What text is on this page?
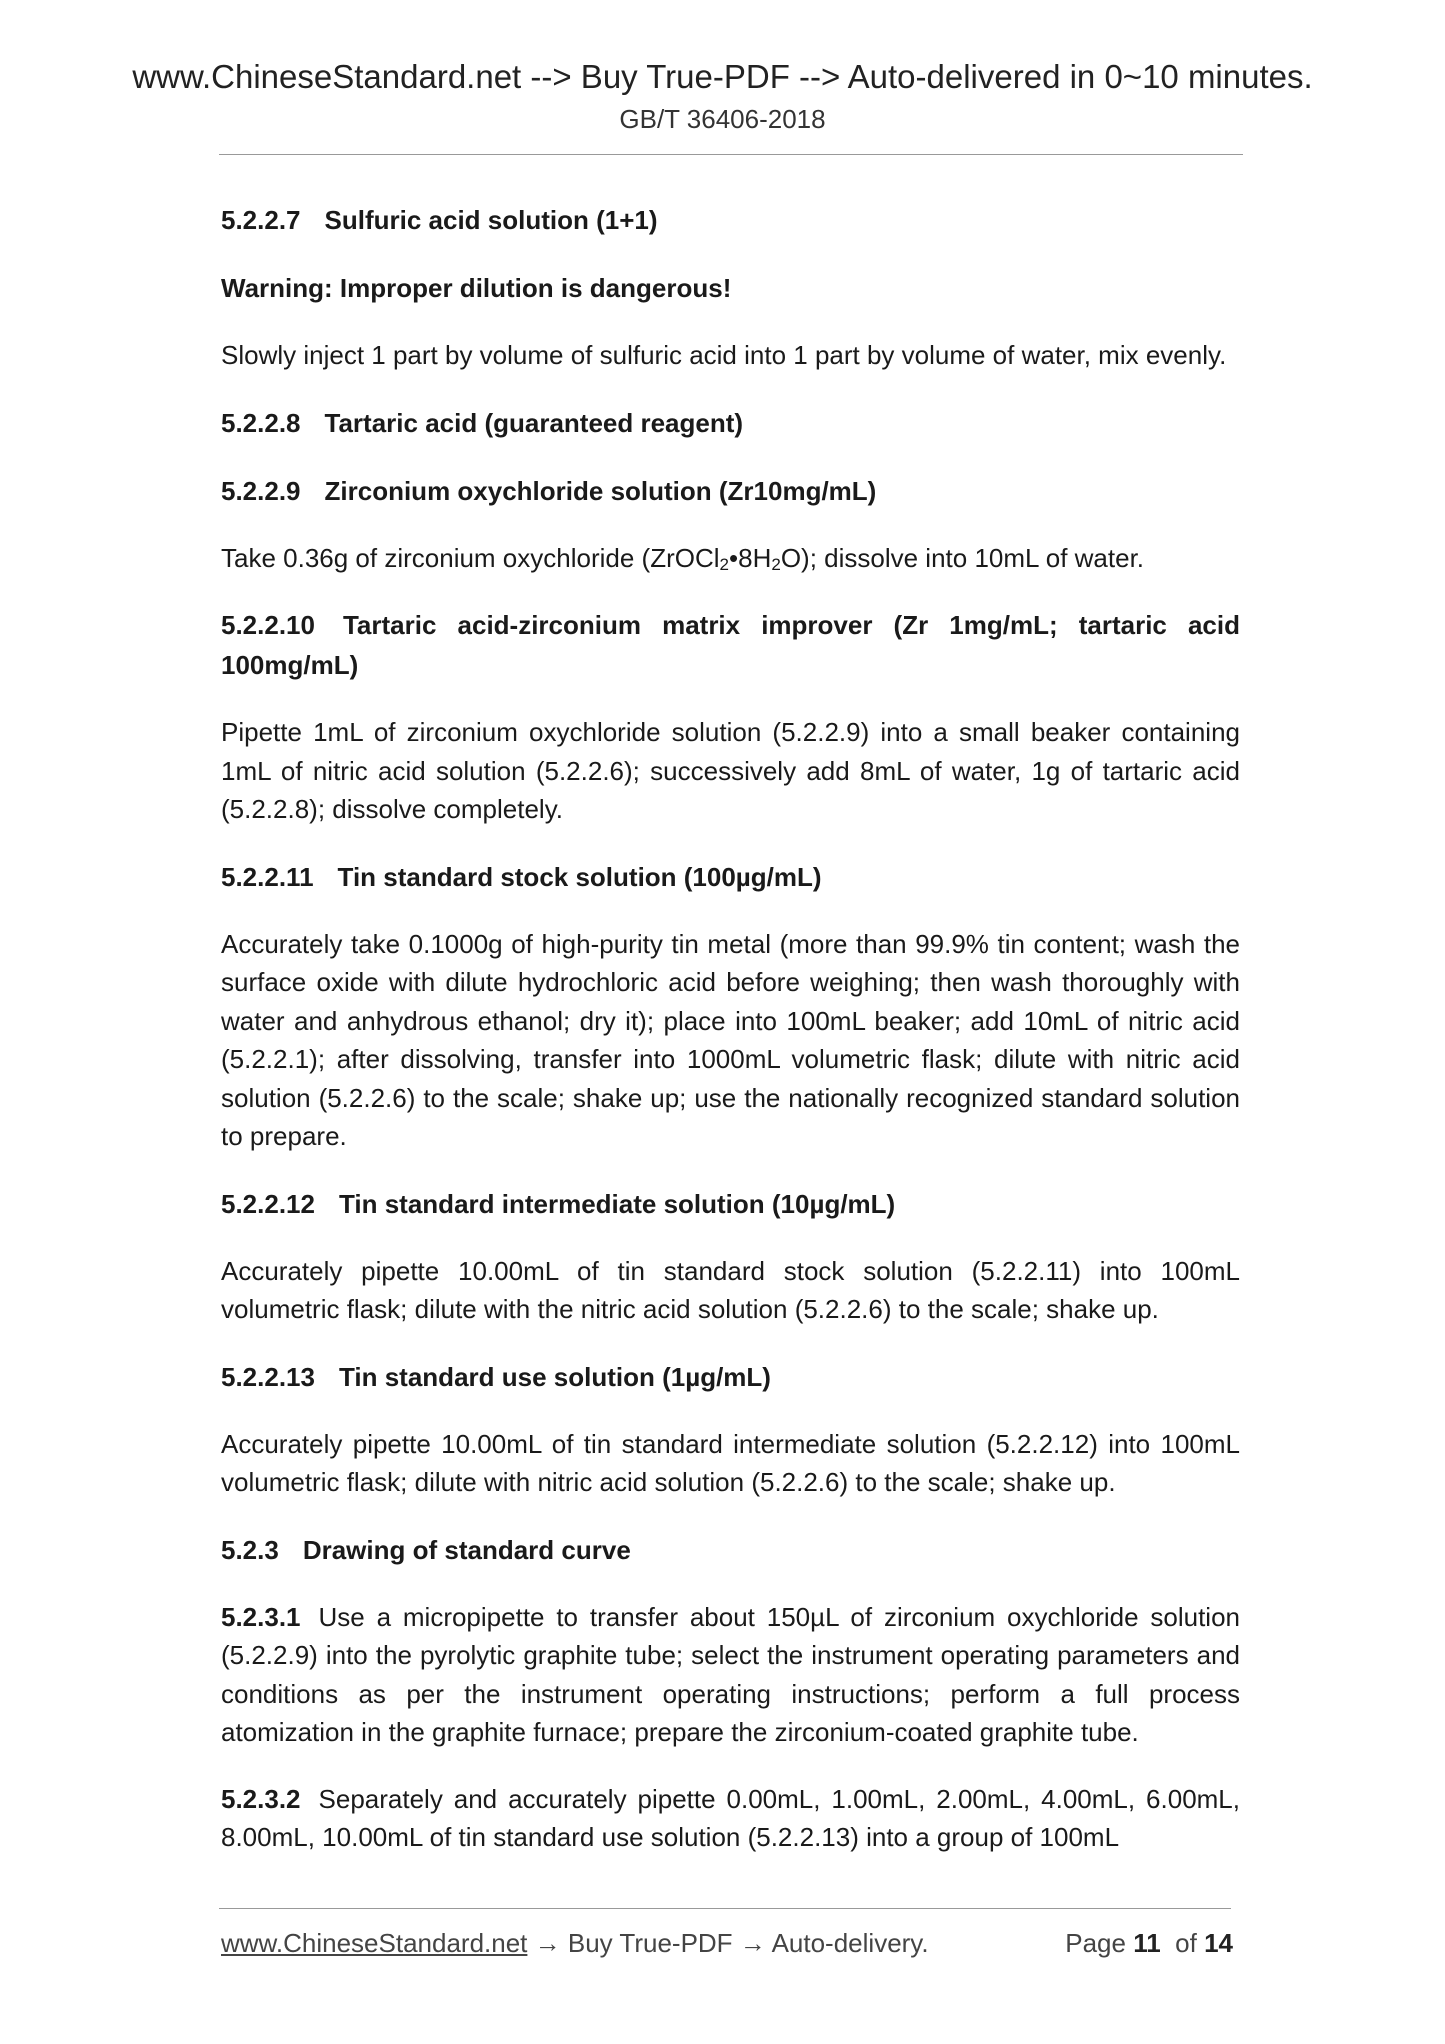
www.ChineseStandard.net --> Buy True-PDF --> Auto-delivered in 0~10 minutes.
GB/T 36406-2018
5.2.2.7 Sulfuric acid solution (1+1)
Warning: Improper dilution is dangerous!
Slowly inject 1 part by volume of sulfuric acid into 1 part by volume of water, mix evenly.
5.2.2.8 Tartaric acid (guaranteed reagent)
5.2.2.9 Zirconium oxychloride solution (Zr10mg/mL)
Take 0.36g of zirconium oxychloride $(ZrOCl_2•8H_2O)$; dissolve into 10mL of water.
5.2.2.10 Tartaric acid-zirconium matrix improver (Zr 1mg/mL; tartaric acid 100mg/mL)
Pipette 1mL of zirconium oxychloride solution (5.2.2.9) into a small beaker containing 1mL of nitric acid solution (5.2.2.6); successively add 8mL of water, 1g of tartaric acid (5.2.2.8); dissolve completely.
5.2.2.11 Tin standard stock solution (100µg/mL)
Accurately take 0.1000g of high-purity tin metal (more than 99.9% tin content; wash the surface oxide with dilute hydrochloric acid before weighing; then wash thoroughly with water and anhydrous ethanol; dry it); place into 100mL beaker; add 10mL of nitric acid (5.2.2.1); after dissolving, transfer into 1000mL volumetric flask; dilute with nitric acid solution (5.2.2.6) to the scale; shake up; use the nationally recognized standard solution to prepare.
5.2.2.12 Tin standard intermediate solution (10µg/mL)
Accurately pipette 10.00mL of tin standard stock solution (5.2.2.11) into 100mL volumetric flask; dilute with the nitric acid solution (5.2.2.6) to the scale; shake up.
5.2.2.13 Tin standard use solution (1µg/mL)
Accurately pipette 10.00mL of tin standard intermediate solution (5.2.2.12) into 100mL volumetric flask; dilute with nitric acid solution (5.2.2.6) to the scale; shake up.
5.2.3 Drawing of standard curve
5.2.3.1 Use a micropipette to transfer about 150µL of zirconium oxychloride solution (5.2.2.9) into the pyrolytic graphite tube; select the instrument operating parameters and conditions as per the instrument operating instructions; perform a full process atomization in the graphite furnace; prepare the zirconium-coated graphite tube.
5.2.3.2 Separately and accurately pipette 0.00mL, 1.00mL, 2.00mL, 4.00mL, 6.00mL, 8.00mL, 10.00mL of tin standard use solution (5.2.2.13) into a group of 100mL
www.ChineseStandard.net → Buy True-PDF → Auto-delivery.	Page 11 of 14
